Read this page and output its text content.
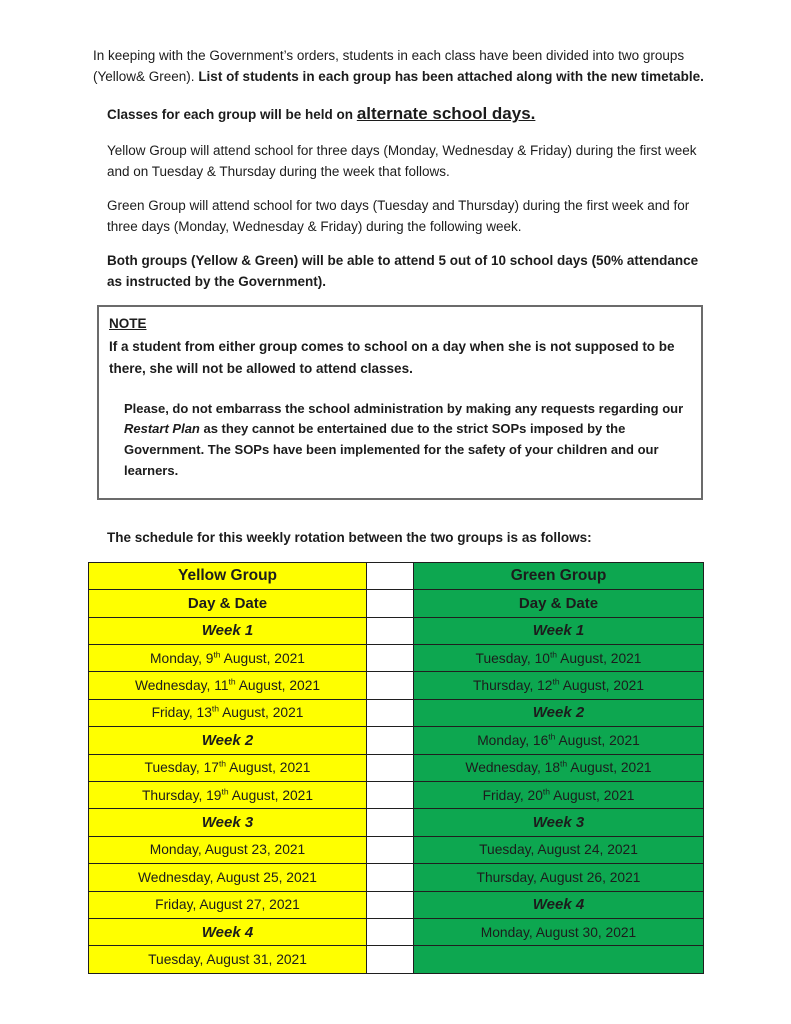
In keeping with the Government’s orders, students in each class have been divided into two groups (Yellow& Green). List of students in each group has been attached along with the new timetable.

Classes for each group will be held on alternate school days.

Yellow Group will attend school for three days (Monday, Wednesday & Friday) during the first week and on Tuesday & Thursday during the week that follows.

Green Group will attend school for two days (Tuesday and Thursday) during the first week and for three days (Monday, Wednesday & Friday) during the following week.

Both groups (Yellow & Green) will be able to attend 5 out of 10 school days (50% attendance as instructed by the Government).

NOTE

If a student from either group comes to school on a day when she is not supposed to be there, she will not be allowed to attend classes.

Please, do not embarrass the school administration by making any requests regarding our Restart Plan as they cannot be entertained due to the strict SOPs imposed by the Government. The SOPs have been implemented for the safety of your children and our learners.

The schedule for this weekly rotation between the two groups is as follows:

Yellow Group		Green Group
Day & Date		Day & Date
Week 1		Week 1
Monday, 9th August, 2021		Tuesday, 10th August, 2021
Wednesday, 11th August, 2021		Thursday, 12th August, 2021
Friday, 13th August, 2021		Week 2
Week 2		Monday, 16th August, 2021
Tuesday, 17th August, 2021		Wednesday, 18th August, 2021
Thursday, 19th August, 2021		Friday, 20th August, 2021
Week 3		Week 3
Monday, August 23, 2021		Tuesday, August 24, 2021
Wednesday, August 25, 2021		Thursday, August 26, 2021
Friday, August 27, 2021		Week 4
Week 4		Monday, August 30, 2021
Tuesday, August 31, 2021		
